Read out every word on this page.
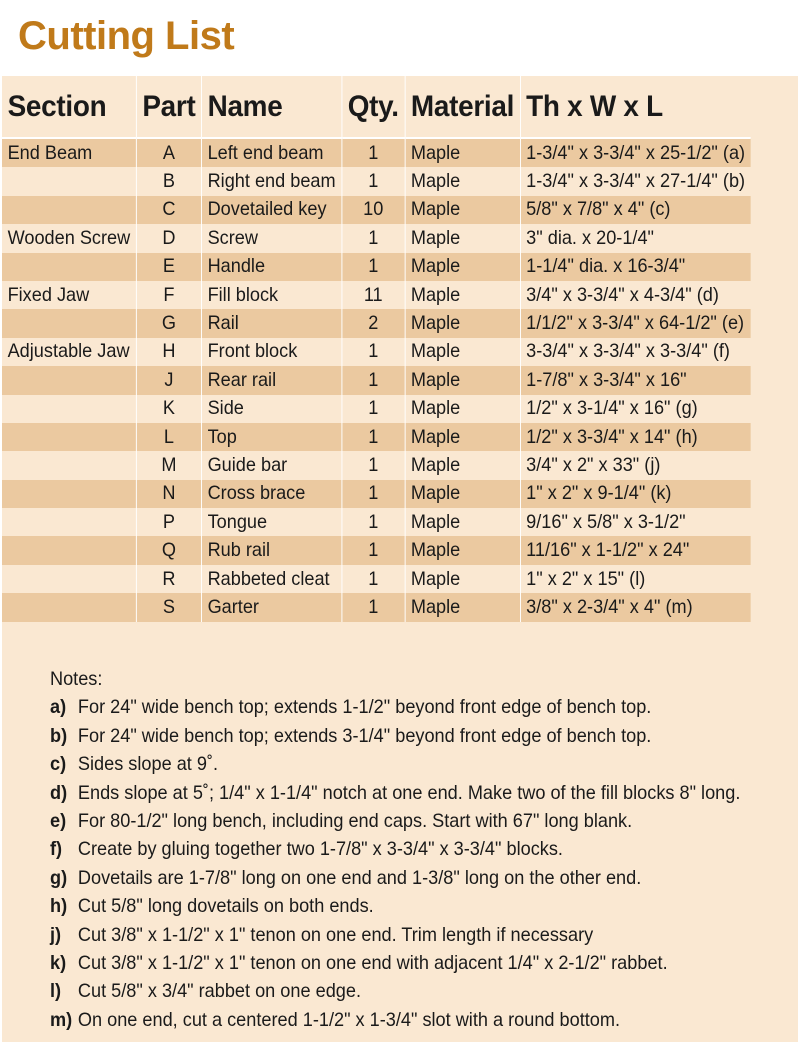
Cutting List
Section	Part	Name	Qty.	Material	Th x W x L
End Beam	A	Left end beam	1	Maple	1-3/4" x 3-3/4" x 25-1/2" (a)
	B	Right end beam	1	Maple	1-3/4" x 3-3/4" x 27-1/4" (b)
	C	Dovetailed key	10	Maple	5/8" x 7/8" x 4" (c)
Wooden Screw	D	Screw	1	Maple	3" dia. x 20-1/4"
	E	Handle	1	Maple	1-1/4" dia. x 16-3/4"
Fixed Jaw	F	Fill block	11	Maple	3/4" x 3-3/4" x 4-3/4" (d)
	G	Rail	2	Maple	1/1/2" x 3-3/4" x 64-1/2" (e)
Adjustable Jaw	H	Front block	1	Maple	3-3/4" x 3-3/4" x 3-3/4" (f)
	J	Rear rail	1	Maple	1-7/8" x 3-3/4" x 16"
	K	Side	1	Maple	1/2" x 3-1/4" x 16" (g)
	L	Top	1	Maple	1/2" x 3-3/4" x 14" (h)
	M	Guide bar	1	Maple	3/4" x 2" x 33" (j)
	N	Cross brace	1	Maple	1" x 2" x 9-1/4" (k)
	P	Tongue	1	Maple	9/16" x 5/8" x 3-1/2"
	Q	Rub rail	1	Maple	11/16" x 1-1/2" x 24"
	R	Rabbeted cleat	1	Maple	1" x 2" x 15" (l)
	S	Garter	1	Maple	3/8" x 2-3/4" x 4" (m)
Notes:
a) For 24" wide bench top; extends 1-1/2" beyond front edge of bench top.
b) For 24" wide bench top; extends 3-1/4" beyond front edge of bench top.
c) Sides slope at 9˚.
d) Ends slope at 5˚; 1/4" x 1-1/4" notch at one end. Make two of the fill blocks 8" long.
e) For 80-1/2" long bench, including end caps. Start with 67" long blank.
f) Create by gluing together two 1-7/8" x 3-3/4" x 3-3/4" blocks.
g) Dovetails are 1-7/8" long on one end and 1-3/8" long on the other end.
h) Cut 5/8" long dovetails on both ends.
j) Cut 3/8" x 1-1/2" x 1" tenon on one end. Trim length if necessary
k) Cut 3/8" x 1-1/2" x 1" tenon on one end with adjacent 1/4" x 2-1/2" rabbet.
l) Cut 5/8" x 3/4" rabbet on one edge.
m) On one end, cut a centered 1-1/2" x 1-3/4" slot with a round bottom.
